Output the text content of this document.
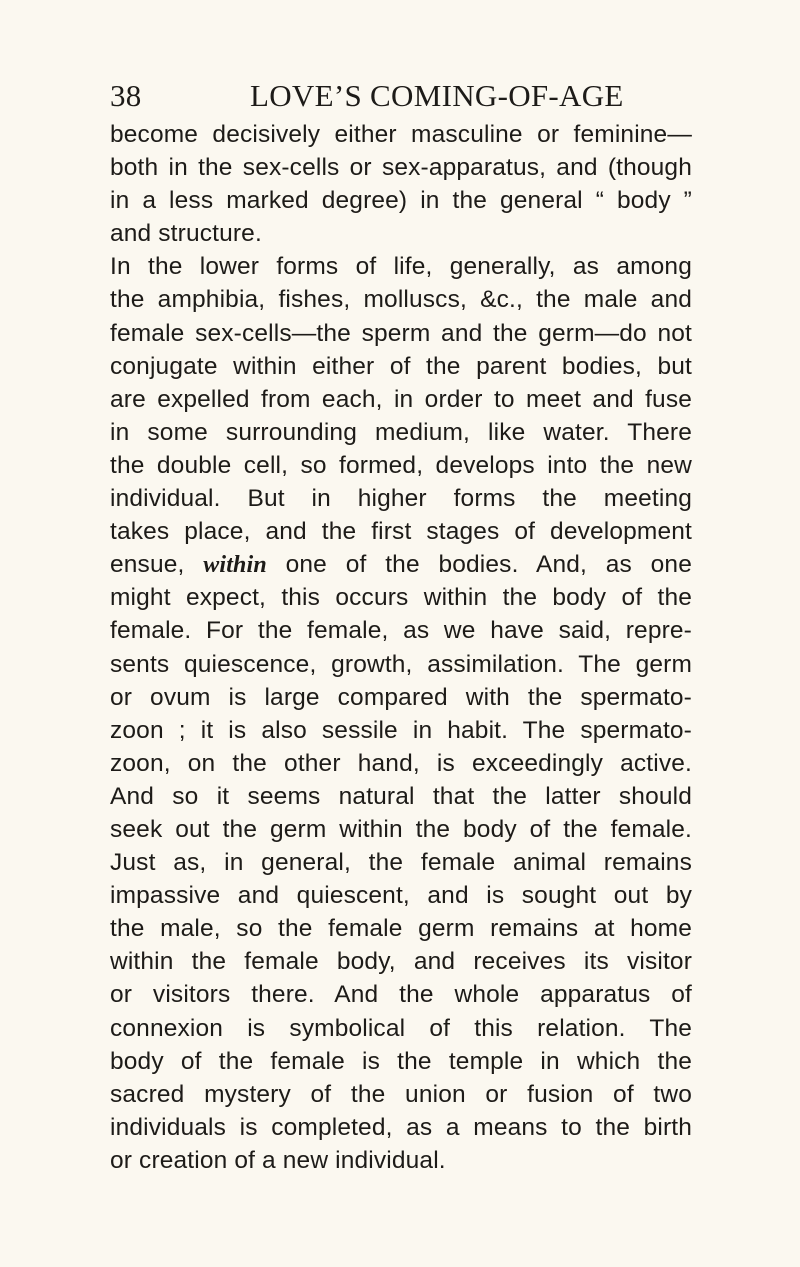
38	LOVE’S COMING-OF-AGE
become decisively either masculine or feminine—
both in the sex-cells or sex-apparatus, and (though
in a less marked degree) in the general “ body ”
and structure.
In the lower forms of life, generally, as among
the amphibia, fishes, molluscs, &c., the male and
female sex-cells—the sperm and the germ—do not
conjugate within either of the parent bodies, but
are expelled from each, in order to meet and fuse
in some surrounding medium, like water. There
the double cell, so formed, develops into the new
individual. But in higher forms the meeting
takes place, and the first stages of development
ensue, within one of the bodies. And, as one
might expect, this occurs within the body of the
female. For the female, as we have said, repre-
sents quiescence, growth, assimilation. The germ
or ovum is large compared with the spermato-
zoon ; it is also sessile in habit. The spermato-
zoon, on the other hand, is exceedingly active.
And so it seems natural that the latter should
seek out the germ within the body of the female.
Just as, in general, the female animal remains
impassive and quiescent, and is sought out by
the male, so the female germ remains at home
within the female body, and receives its visitor
or visitors there. And the whole apparatus of
connexion is symbolical of this relation. The
body of the female is the temple in which the
sacred mystery of the union or fusion of two
individuals is completed, as a means to the birth
or creation of a new individual.
